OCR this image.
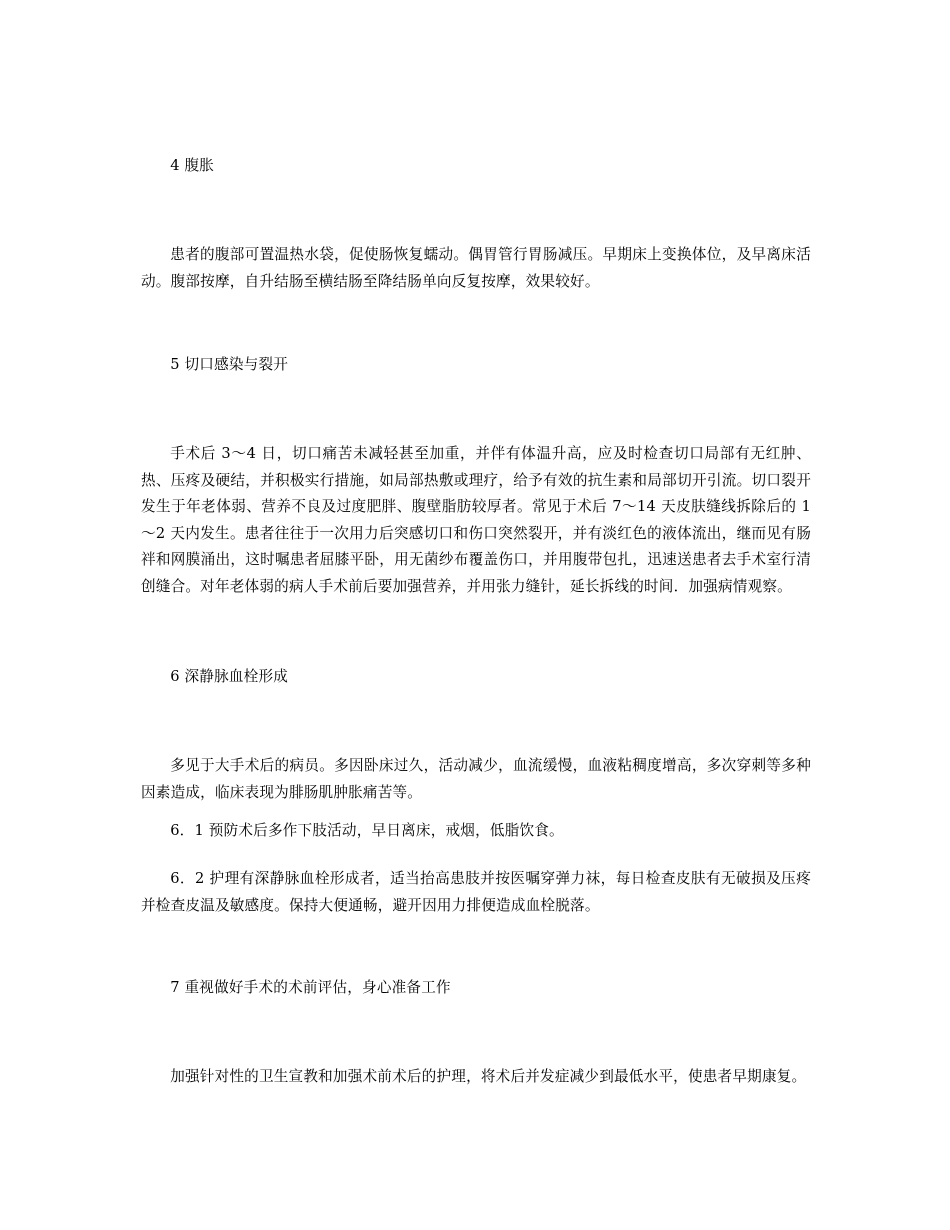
4 腹胀

患者的腹部可置温热水袋，促使肠恢复蠕动。偶胃管行胃肠减压。早期床上变换体位，及早离床活动。腹部按摩，自升结肠至横结肠至降结肠单向反复按摩，效果较好。

5 切口感染与裂开

手术后 3～4 日，切口痛苦未减轻甚至加重，并伴有体温升高，应及时检查切口局部有无红肿、热、压疼及硬结，并积极实行措施，如局部热敷或理疗，给予有效的抗生素和局部切开引流。切口裂开发生于年老体弱、营养不良及过度肥胖、腹壁脂肪较厚者。常见于术后 7～14 天皮肤缝线拆除后的 1～2 天内发生。患者往往于一次用力后突感切口和伤口突然裂开，并有淡红色的液体流出，继而见有肠袢和网膜涌出，这时嘱患者屈膝平卧，用无菌纱布覆盖伤口，并用腹带包扎，迅速送患者去手术室行清创缝合。对年老体弱的病人手术前后要加强营养，并用张力缝针，延长拆线的时间．加强病情观察。

6 深静脉血栓形成

多见于大手术后的病员。多因卧床过久，活动减少，血流缓慢，血液粘稠度增高，多次穿刺等多种因素造成，临床表现为腓肠肌肿胀痛苦等。

6．1 预防术后多作下肢活动，早日离床，戒烟，低脂饮食。

6．2 护理有深静脉血栓形成者，适当抬高患肢并按医嘱穿弹力袜，每日检查皮肤有无破损及压疼并检查皮温及敏感度。保持大便通畅，避开因用力排便造成血栓脱落。

7 重视做好手术的术前评估，身心准备工作

加强针对性的卫生宣教和加强术前术后的护理，将术后并发症减少到最低水平，使患者早期康复。
